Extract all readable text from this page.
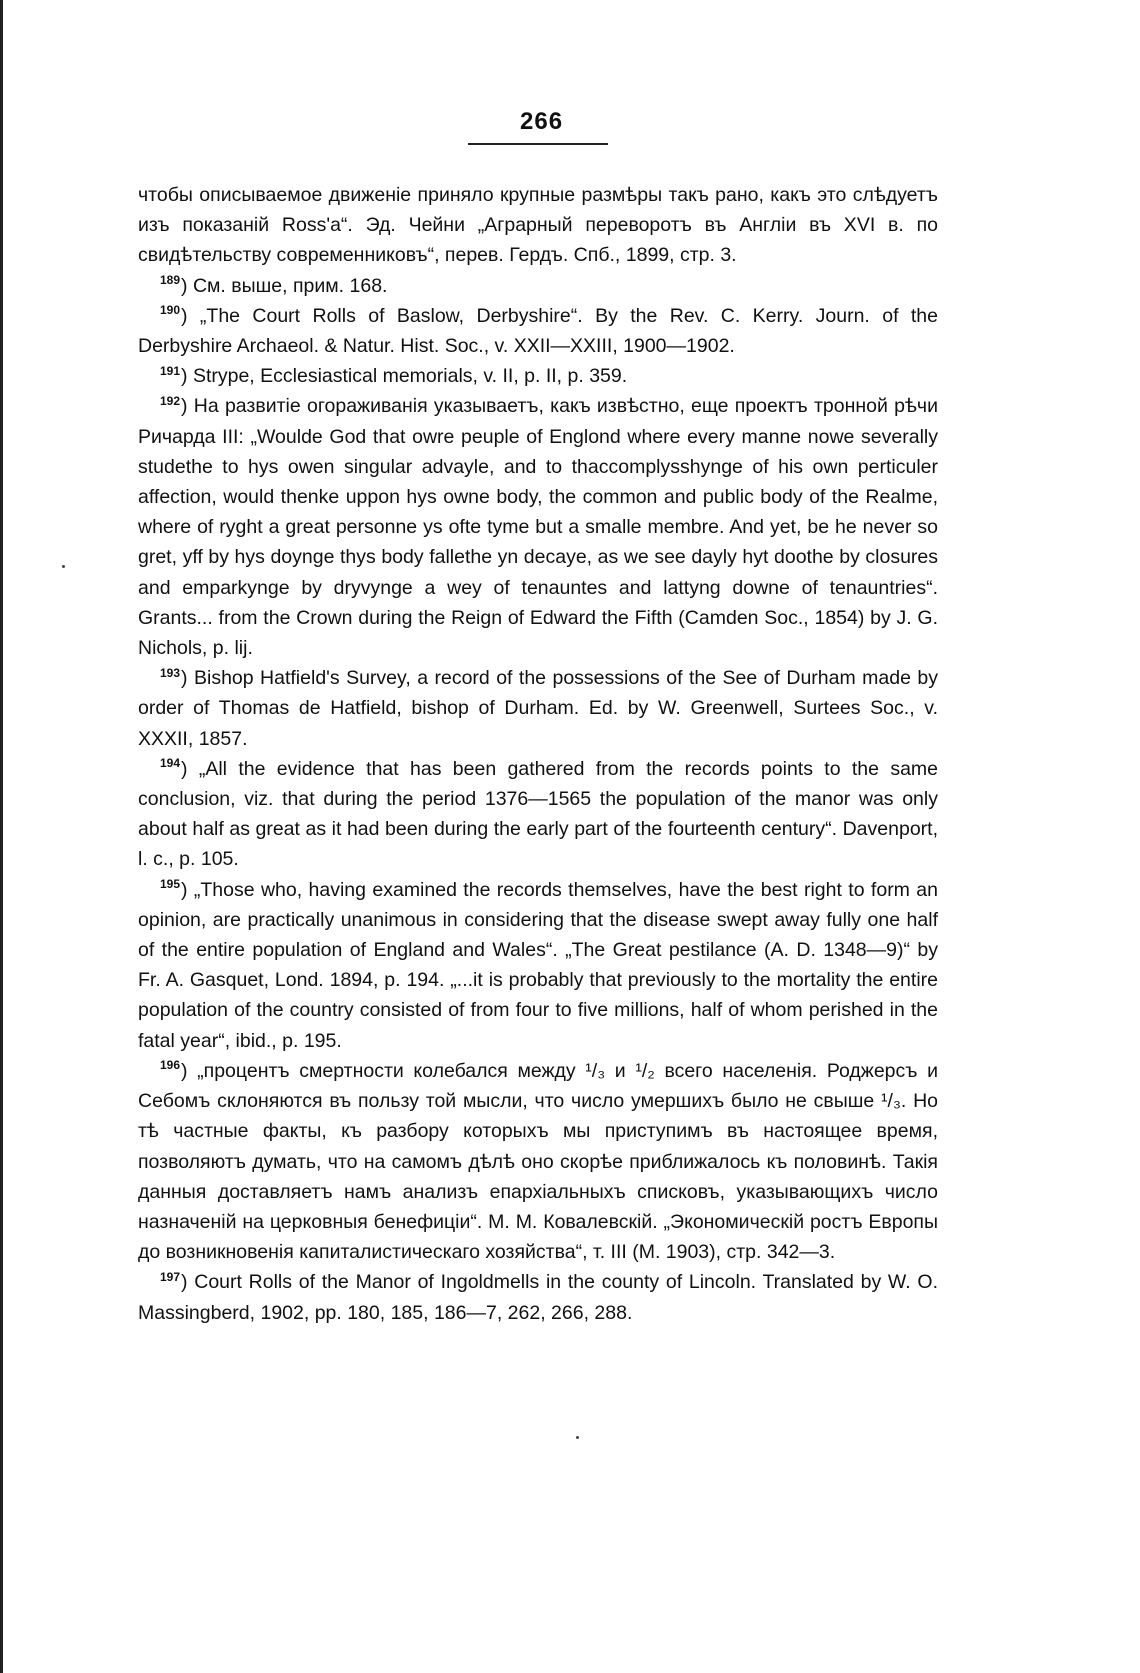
266

чтобы описываемое движеніе приняло крупные размѣры такъ рано, какъ это слѣдуетъ изъ показаній Ross'а“. Эд. Чейни „Аграрный переворотъ въ Англіи въ XVI в. по свидѣтельству современниковъ“, перев. Гердъ. Спб., 1899, стр. 3.

$^{189}$) См. выше, прим. 168.

$^{190}$) „The Court Rolls of Baslow, Derbyshire“. By the Rev. C. Kerry. Journ. of the Derbyshire Archaeol. & Natur. Hist. Soc., v. XXII—XXIII, 1900—1902.

$^{191}$) Strype, Ecclesiastical memorials, v. II, p. II, p. 359.

$^{192}$) На развитіе огораживанія указываетъ, какъ извѣстно, еще проектъ тронной рѣчи Ричарда III: „Woulde God that owre peuple of Englond where every manne nowe severally studethe to hys owen singular advayle, and to thaccomplysshynge of his own perticuler affection, would thenke uppon hys owne body, the common and public body of the Realme, where of ryght a great personne ys ofte tyme but a smalle membre. And yet, be he never so gret, yff by hys doynge thys body fallethe yn decaye, as we see dayly hyt doothe by closures and emparkynge by dryvynge a wey of tenauntes and lattyng downe of tenauntries“. Grants... from the Crown during the Reign of Edward the Fifth (Camden Soc., 1854) by J. G. Nichols, p. lij.

$^{193}$) Bishop Hatfield's Survey, a record of the possessions of the See of Durham made by order of Thomas de Hatfield, bishop of Durham. Ed. by W. Greenwell, Surtees Soc., v. XXXII, 1857.

$^{194}$) „All the evidence that has been gathered from the records points to the same conclusion, viz. that during the period 1376—1565 the population of the manor was only about half as great as it had been during the early part of the fourteenth century“. Davenport, l. c., p. 105.

$^{195}$) „Those who, having examined the records themselves, have the best right to form an opinion, are practically unanimous in considering that the disease swept away fully one half of the entire population of England and Wales“. „The Great pestilance (A. D. 1348—9)“ by Fr. A. Gasquet, Lond. 1894, p. 194. „...it is probably that previously to the mortality the entire population of the country consisted of from four to five millions, half of whom perished in the fatal year“, ibid., p. 195.

$^{196}$) „процентъ смертности колебался между ¹/₃ и ¹/₂ всего населенія. Роджерсъ и Себомъ склоняются въ пользу той мысли, что число умершихъ было не свыше ¹/₃. Но тѣ частные факты, къ разбору которыхъ мы приступимъ въ настоящее время, позволяютъ думать, что на самомъ дѣлѣ оно скорѣе приближалось къ половинѣ. Такія данныя доставляетъ намъ анализъ епархіальныхъ списковъ, указывающихъ число назначеній на церковныя бенефиціи“. М. М. Ковалевскій. „Экономическій ростъ Европы до возникновенія капиталистическаго хозяйства“, т. III (М. 1903), стр. 342—3.

$^{197}$) Court Rolls of the Manor of Ingoldmells in the county of Lincoln. Translated by W. O. Massingberd, 1902, pp. 180, 185, 186—7, 262, 266, 288.
